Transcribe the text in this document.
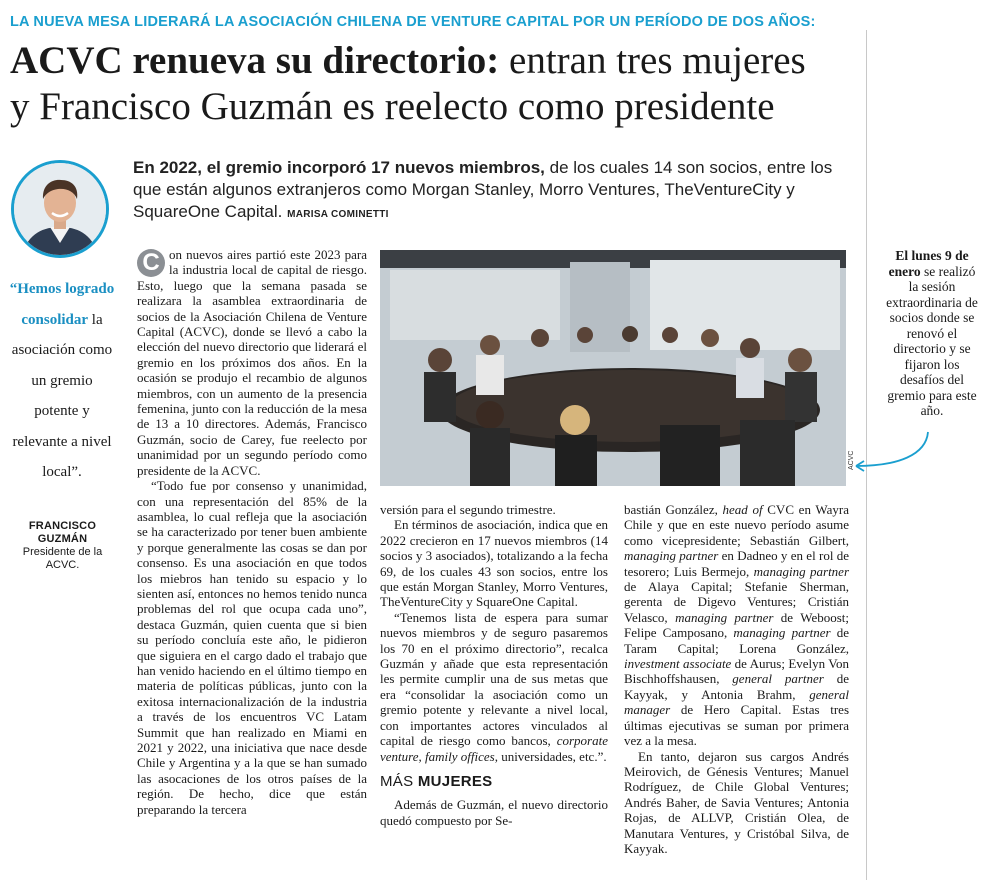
LA NUEVA MESA LIDERARÁ LA ASOCIACIÓN CHILENA DE VENTURE CAPITAL POR UN PERÍODO DE DOS AÑOS:
ACVC renueva su directorio: entran tres mujeres
y Francisco Guzmán es reelecto como presidente
En 2022, el gremio incorporó 17 nuevos miembros, de los cuales 14 son socios, entre los que están algunos extranjeros como Morgan Stanley, Morro Ventures, TheVentureCity y SquareOne Capital. MARISA COMINETTI
“Hemos logrado consolidar la asociación como un gremio potente y relevante a nivel local”.
FRANCISCO GUZMÁN
Presidente de la ACVC.

C on nuevos aires partió este 2023 para la industria local de capital de riesgo. Esto, luego que la semana pasada se realizara la asamblea extraordinaria de socios de la Asociación Chilena de Venture Capital (ACVC), donde se llevó a cabo la elección del nuevo directorio que liderará el gremio en los próximos dos años. En la ocasión se produjo el recambio de algunos miembros, con un aumento de la presencia femenina, junto con la reducción de la mesa de 13 a 10 directores. Además, Francisco Guzmán, socio de Carey, fue reelecto por unanimidad por un segundo período como presidente de la ACVC.

“Todo fue por consenso y unanimidad, con una representación del 85% de la asamblea, lo cual refleja que la asociación se ha caracterizado por tener buen ambiente y porque generalmente las cosas se dan por consenso. Es una asociación en que todos los miebros han tenido su espacio y lo sienten así, entonces no hemos tenido nunca problemas del rol que ocupa cada uno”, destaca Guzmán, quien cuenta que si bien su período concluía este año, le pidieron que siguiera en el cargo dado el trabajo que han venido haciendo en el último tiempo en materia de políticas públicas, junto con la exitosa internacionalización de la industria a través de los encuentros VC Latam Summit que han realizado en Miami en 2021 y 2022, una iniciativa que nace desde Chile y Argentina y a la que se han sumado las asocaciones de los otros países de la región. De hecho, dice que están preparando la tercera

ACVC
El lunes 9 de enero se realizó la sesión extraordinaria de socios donde se renovó el directorio y se fijaron los desafíos del gremio para este año.

versión para el segundo trimestre.

En términos de asociación, indica que en 2022 crecieron en 17 nuevos miembros (14 socios y 3 asociados), totalizando a la fecha 69, de los cuales 43 son socios, entre los que están Morgan Stanley, Morro Ventures, TheVentureCity y SquareOne Capital.

“Tenemos lista de espera para sumar nuevos miembros y de seguro pasaremos los 70 en el próximo directorio”, recalca Guzmán y añade que esta representación les permite cumplir una de sus metas que era “consolidar la asociación como un gremio potente y relevante a nivel local, con importantes actores vinculados al capital de riesgo como bancos, corporate venture, family offices, universidades, etc.”.

MÁS MUJERES

Además de Guzmán, el nuevo directorio quedó compuesto por Se-

bastián González, head of CVC en Wayra Chile y que en este nuevo período asume como vicepresidente; Sebastián Gilbert, managing partner en Dadneo y en el rol de tesorero; Luis Bermejo, managing partner de Alaya Capital; Stefanie Sherman, gerenta de Digevo Ventures; Cristián Velasco, managing partner de Weboost; Felipe Camposano, managing partner de Taram Capital; Lorena González, investment associate de Aurus; Evelyn Von Bischhoffshausen, general partner de Kayyak, y Antonia Brahm, general manager de Hero Capital. Estas tres últimas ejecutivas se suman por primera vez a la mesa.

En tanto, dejaron sus cargos Andrés Meirovich, de Génesis Ventures; Manuel Rodríguez, de Chile Global Ventures; Andrés Baher, de Savia Ventures; Antonia Rojas, de ALLVP, Cristián Olea, de Manutara Ventures, y Cristóbal Silva, de Kayyak.
